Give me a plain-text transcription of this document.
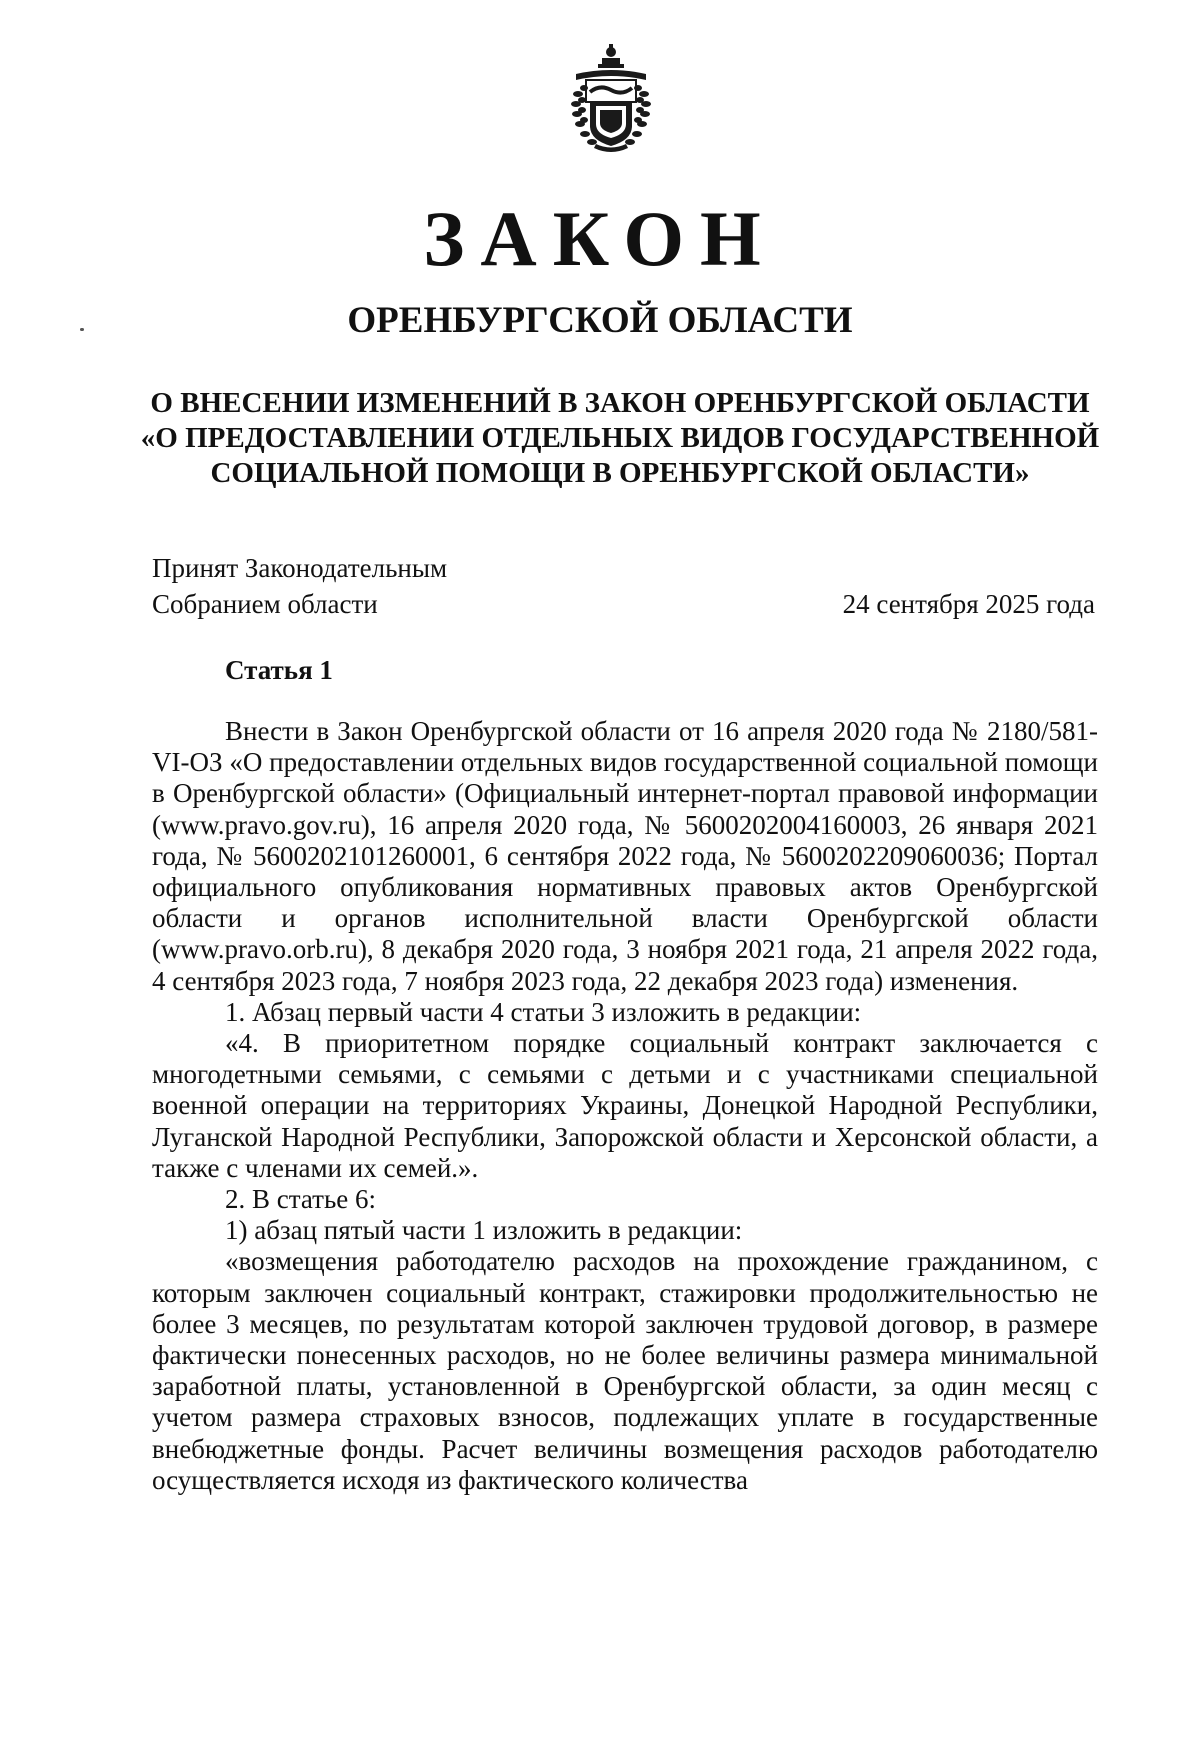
ЗАКОН
ОРЕНБУРГСКОЙ ОБЛАСТИ
О ВНЕСЕНИИ ИЗМЕНЕНИЙ В ЗАКОН ОРЕНБУРГСКОЙ ОБЛАСТИ
«О ПРЕДОСТАВЛЕНИИ ОТДЕЛЬНЫХ ВИДОВ ГОСУДАРСТВЕННОЙ
СОЦИАЛЬНОЙ ПОМОЩИ В ОРЕНБУРГСКОЙ ОБЛАСТИ»
Принят Законодательным
Собранием области	24 сентября 2025 года
Статья 1

Внести в Закон Оренбургской области от 16 апреля 2020 года № 2180/581-VI-ОЗ «О предоставлении отдельных видов государственной социальной помощи в Оренбургской области» (Официальный интернет-портал правовой информации (www.pravo.gov.ru), 16 апреля 2020 года, № 5600202004160003, 26 января 2021 года, № 5600202101260001, 6 сентября 2022 года, № 5600202209060036; Портал официального опубликования нормативных правовых актов Оренбургской области и органов исполнительной власти Оренбургской области (www.pravo.orb.ru), 8 декабря 2020 года, 3 ноября 2021 года, 21 апреля 2022 года, 4 сентября 2023 года, 7 ноября 2023 года, 22 декабря 2023 года) изменения.

1. Абзац первый части 4 статьи 3 изложить в редакции:

«4. В приоритетном порядке социальный контракт заключается с многодетными семьями, с семьями с детьми и с участниками специальной военной операции на территориях Украины, Донецкой Народной Республики, Луганской Народной Республики, Запорожской области и Херсонской области, а также с членами их семей.».

2. В статье 6:

1) абзац пятый части 1 изложить в редакции:

«возмещения работодателю расходов на прохождение гражданином, с которым заключен социальный контракт, стажировки продолжительностью не более 3 месяцев, по результатам которой заключен трудовой договор, в размере фактически понесенных расходов, но не более величины размера минимальной заработной платы, установленной в Оренбургской области, за один месяц с учетом размера страховых взносов, подлежащих уплате в государственные внебюджетные фонды. Расчет величины возмещения расходов работодателю осуществляется исходя из фактического количества
